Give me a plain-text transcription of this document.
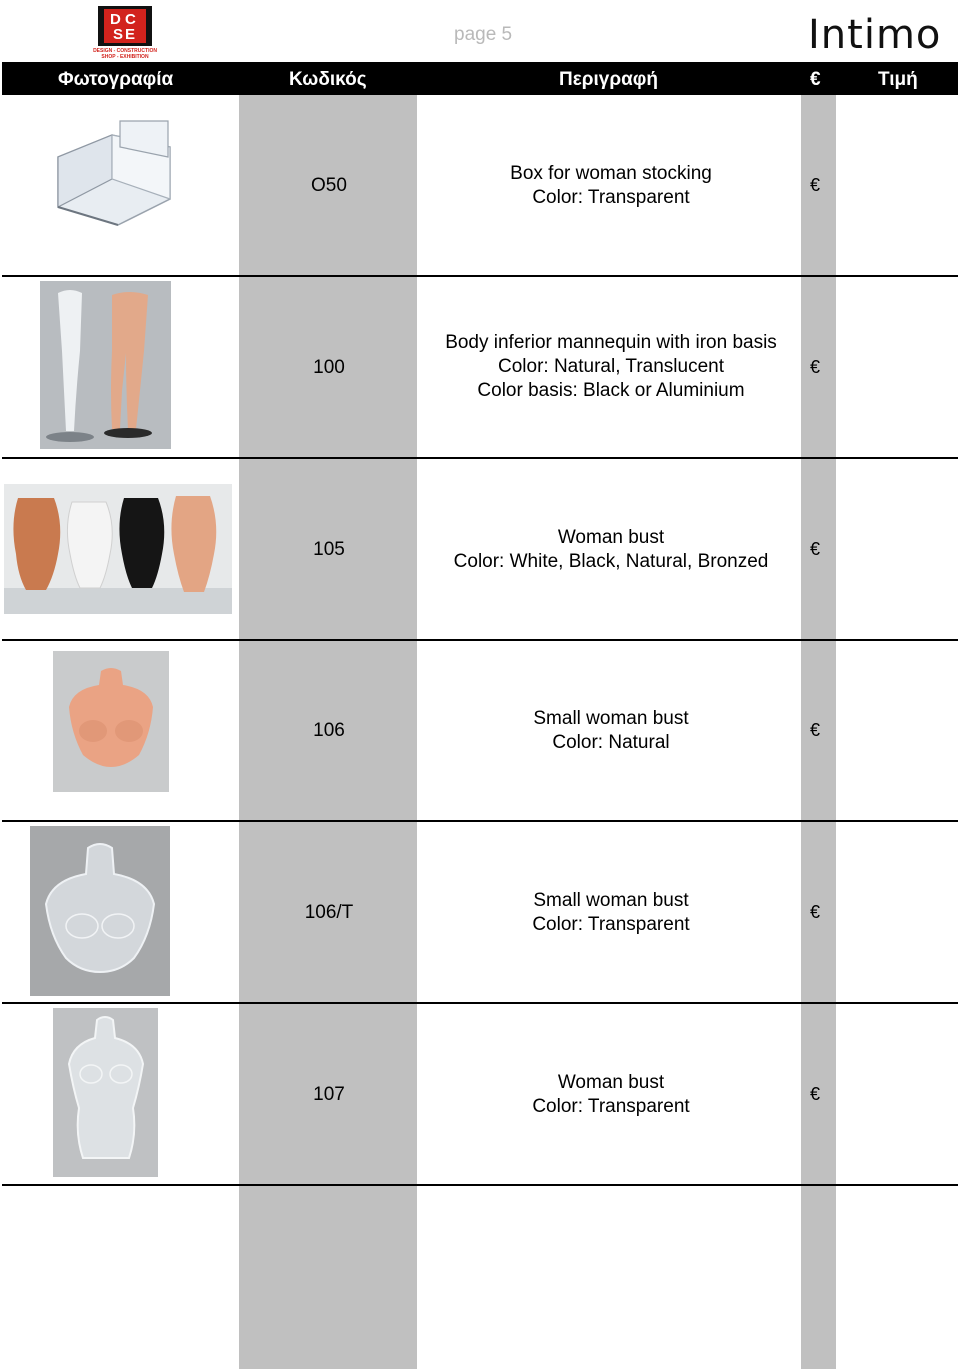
D C
S E
DESIGN - CONSTRUCTION
SHOP - EXHIBITION
page 5	Intimo
Φωτογραφία	Κωδικός	Περιγραφή	€	Τιμή
O50
Box for woman stocking
Color: Transparent
€
100
Body inferior mannequin with iron basis
Color: Natural, Translucent
Color basis: Black or Aluminium
€
105
Woman bust
Color: White, Black, Natural, Bronzed
€
106
Small woman bust
Color: Natural
€
106/T
Small woman bust
Color: Transparent
€
107
Woman bust
Color: Transparent
€
